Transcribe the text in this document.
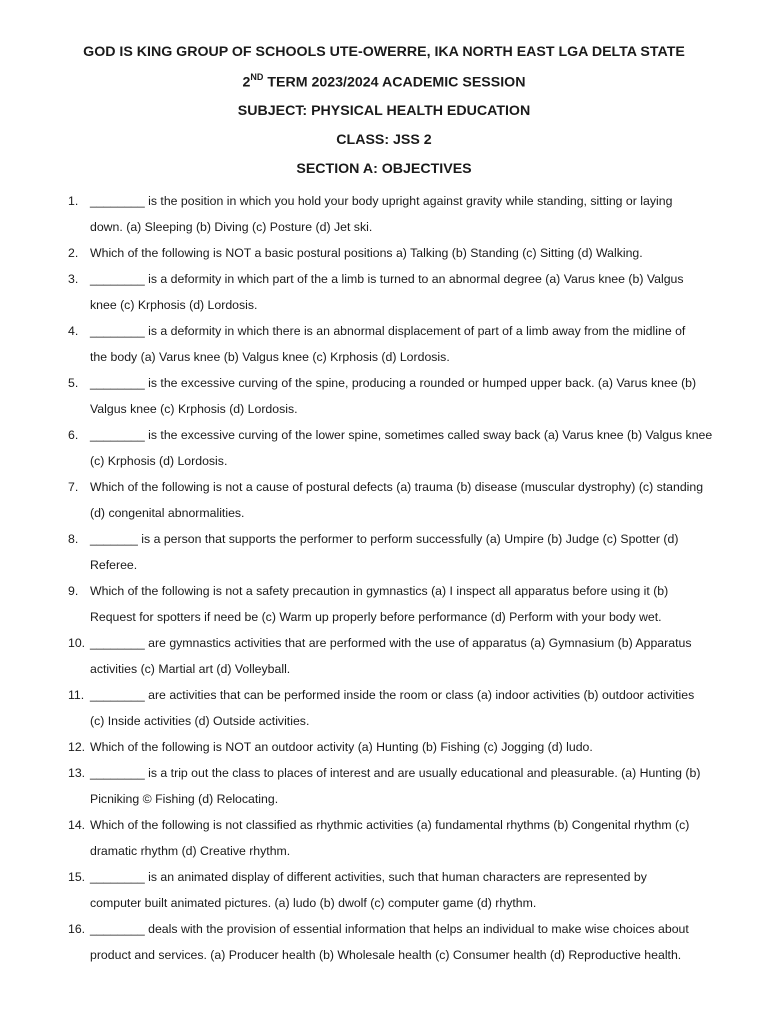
GOD IS KING GROUP OF SCHOOLS UTE-OWERRE, IKA NORTH EAST LGA DELTA STATE
2ND TERM 2023/2024 ACADEMIC SESSION
SUBJECT: PHYSICAL HEALTH EDUCATION
CLASS: JSS 2
SECTION A: OBJECTIVES
1. ________ is the position in which you hold your body upright against gravity while standing, sitting or laying
down. (a) Sleeping (b) Diving (c) Posture (d) Jet ski.
2. Which of the following is NOT a basic postural positions a) Talking (b) Standing (c) Sitting (d) Walking.
3. ________ is a deformity in which part of the a limb is turned to an abnormal degree (a) Varus knee (b) Valgus
knee (c) Krphosis (d) Lordosis.
4. ________ is a deformity in which there is an abnormal displacement of part of a limb away from the midline of
the body (a) Varus knee (b) Valgus knee (c) Krphosis (d) Lordosis.
5. ________ is the excessive curving of the spine, producing a rounded or humped upper back. (a) Varus knee (b)
Valgus knee (c) Krphosis (d) Lordosis.
6. ________ is the excessive curving of the lower spine, sometimes called sway back (a) Varus knee (b) Valgus knee
(c) Krphosis (d) Lordosis.
7. Which of the following is not a cause of postural defects (a) trauma (b) disease (muscular dystrophy) (c) standing
(d) congenital abnormalities.
8. _______ is a person that supports the performer to perform successfully (a) Umpire (b) Judge (c) Spotter (d)
Referee.
9. Which of the following is not a safety precaution in gymnastics (a) I inspect all apparatus before using it (b)
Request for spotters if need be (c) Warm up properly before performance (d) Perform with your body wet.
10. ________ are gymnastics activities that are performed with the use of apparatus (a) Gymnasium (b) Apparatus
activities (c) Martial art (d) Volleyball.
11. ________ are activities that can be performed inside the room or class (a) indoor activities (b) outdoor activities
(c) Inside activities (d) Outside activities.
12. Which of the following is NOT an outdoor activity (a) Hunting (b) Fishing (c) Jogging (d) ludo.
13. ________ is a trip out the class to places of interest and are usually educational and pleasurable. (a) Hunting (b)
Picniking © Fishing (d) Relocating.
14. Which of the following is not classified as rhythmic activities (a) fundamental rhythms (b) Congenital rhythm (c)
dramatic rhythm (d) Creative rhythm.
15. ________ is an animated display of different activities, such that human characters are represented by
computer built animated pictures. (a) ludo (b) dwolf (c) computer game (d) rhythm.
16. ________ deals with the provision of essential information that helps an individual to make wise choices about
product and services. (a) Producer health (b) Wholesale health (c) Consumer health (d) Reproductive health.
